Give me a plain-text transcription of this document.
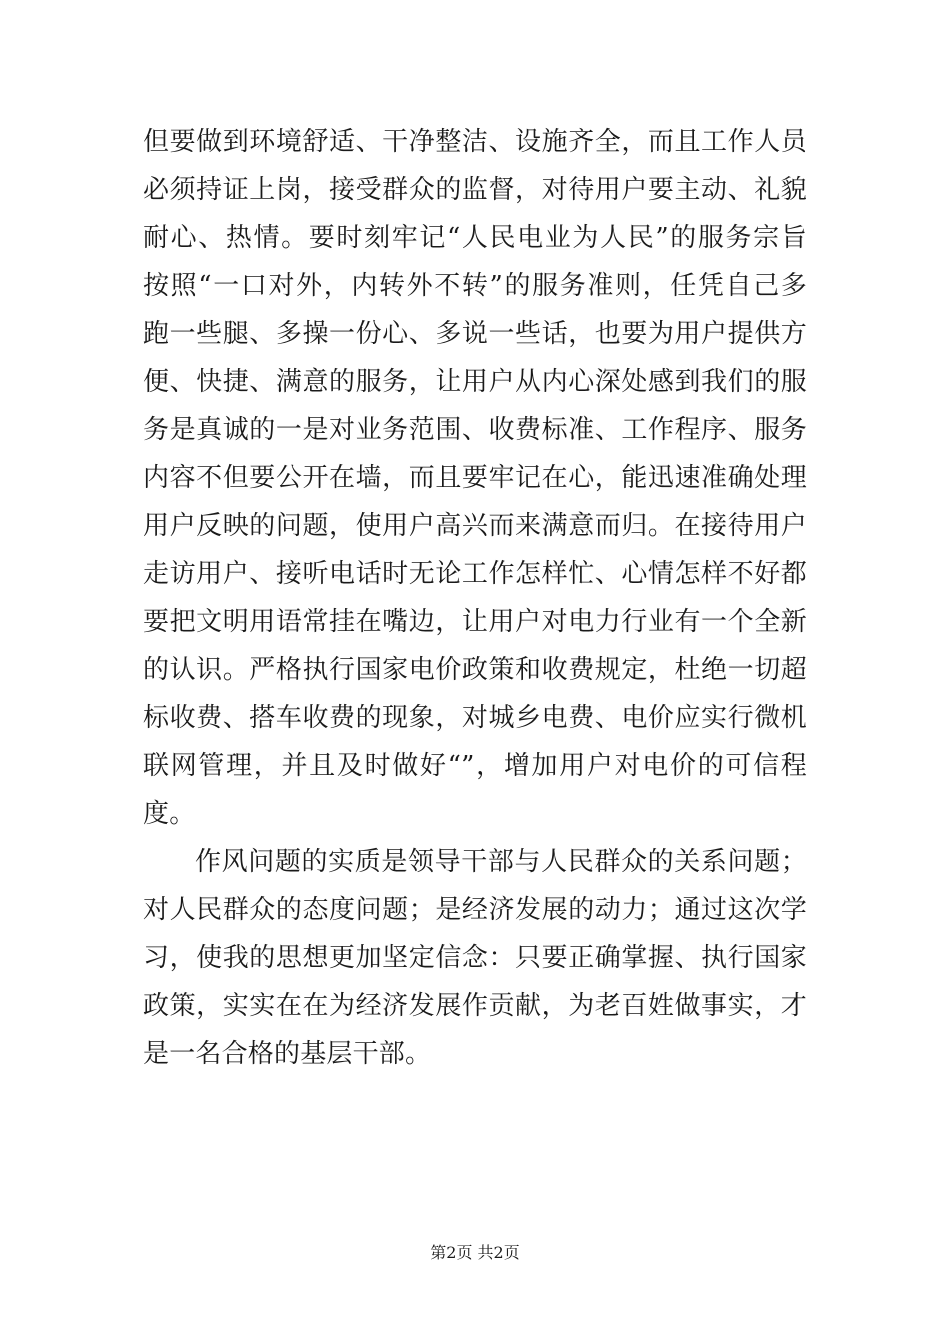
但要做到环境舒适、干净整洁、设施齐全，而且工作人员
必须持证上岗，接受群众的监督，对待用户要主动、礼貌
耐心、热情。要时刻牢记“人民电业为人民”的服务宗旨
按照“一口对外，内转外不转”的服务准则，任凭自己多
跑一些腿、多操一份心、多说一些话，也要为用户提供方
便、快捷、满意的服务，让用户从内心深处感到我们的服
务是真诚的一是对业务范围、收费标准、工作程序、服务
内容不但要公开在墙，而且要牢记在心，能迅速准确处理
用户反映的问题，使用户高兴而来满意而归。在接待用户
走访用户、接听电话时无论工作怎样忙、心情怎样不好都
要把文明用语常挂在嘴边，让用户对电力行业有一个全新
的认识。严格执行国家电价政策和收费规定，杜绝一切超
标收费、搭车收费的现象，对城乡电费、电价应实行微机
联网管理，并且及时做好“”，增加用户对电价的可信程
度。
作风问题的实质是领导干部与人民群众的关系问题；
对人民群众的态度问题；是经济发展的动力；通过这次学
习，使我的思想更加坚定信念：只要正确掌握、执行国家
政策，实实在在为经济发展作贡献，为老百姓做事实，才
是一名合格的基层干部。
第2页 共2页
